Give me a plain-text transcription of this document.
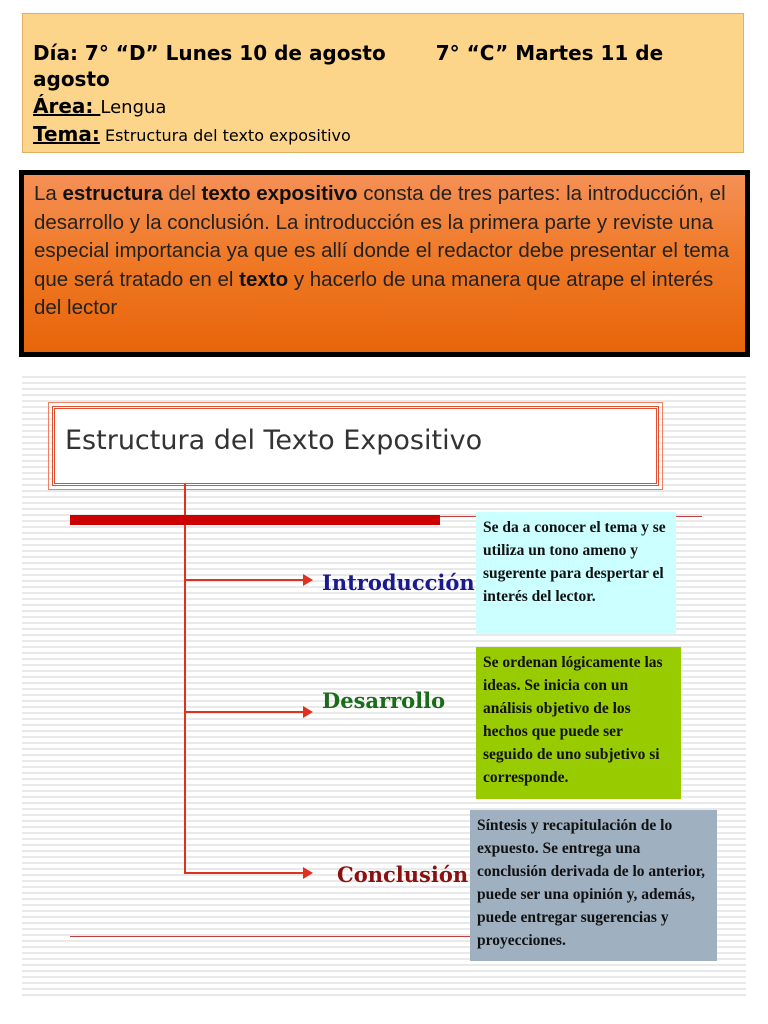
Día: 7° “D” Lunes 10 de agosto	7° “C” Martes 11 de agosto
Área: Lengua
Tema: Estructura del texto expositivo
La estructura del texto expositivo consta de tres partes: la introducción, el desarrollo y la conclusión. La introducción es la primera parte y reviste una especial importancia ya que es allí donde el redactor debe presentar el tema que será tratado en el texto y hacerlo de una manera que atrape el interés del lector
Estructura del Texto Expositivo
Introducción
Desarrollo
Conclusión
Se da a conocer el tema y se utiliza un tono ameno y sugerente para despertar el interés del lector.
Se ordenan lógicamente las ideas. Se inicia con un análisis objetivo de los hechos que puede ser seguido de uno subjetivo si corresponde.
Síntesis y recapitulación de lo expuesto. Se entrega una conclusión derivada de lo anterior, puede ser una opinión y, además, puede entregar sugerencias y proyecciones.
